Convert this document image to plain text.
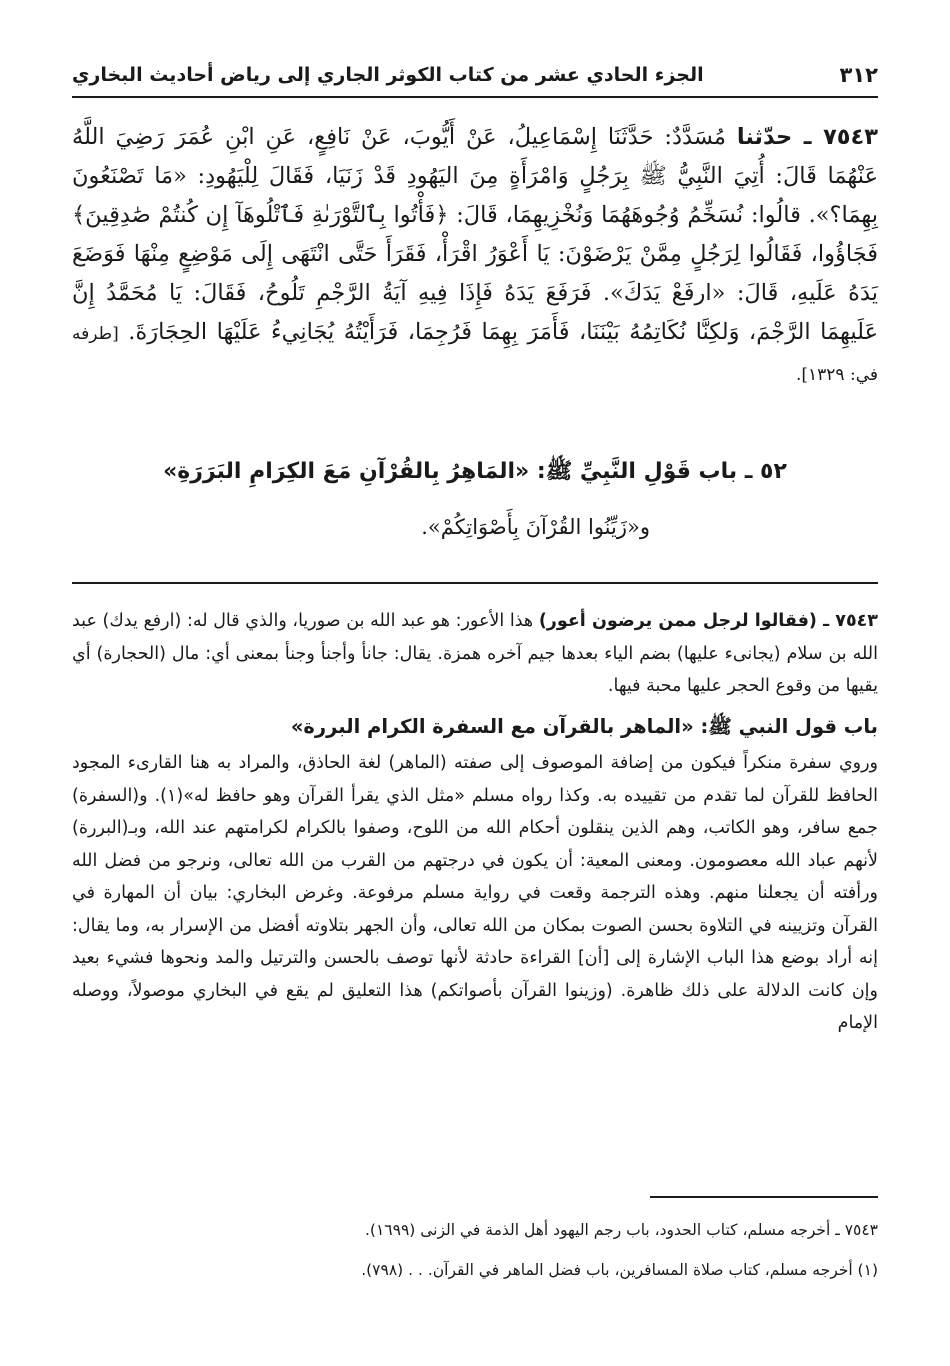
٣١٢
الجزء الحادي عشر من كتاب الكوثر الجاري إلى رياض أحاديث البخاري
٧٥٤٣ ـ حدّثنا مُسَدَّدٌ: حَدَّثَنَا إِسْمَاعِيلُ، عَنْ أَيُّوبَ، عَنْ نَافِعٍ، عَنِ ابْنِ عُمَرَ رَضِيَ اللَّهُ عَنْهُمَا قَالَ: أُتِيَ النَّبِيُّ ﷺ بِرَجُلٍ وَامْرَأَةٍ مِنَ اليَهُودِ قَدْ زَنَيَا، فَقَالَ لِلْيَهُودِ: «مَا تَصْنَعُونَ بِهِمَا؟». قالُوا: نُسَخِّمُ وُجُوهَهُمَا وَنُخْزِيهِمَا، قَالَ: ﴿فَأْتُوا بِٱلتَّوْرَىٰةِ فَٱتْلُوهَآ إِن كُنتُمْ صَٰدِقِينَ﴾ فَجَاؤُوا، فَقَالُوا لِرَجُلٍ مِمَّنْ يَرْضَوْنَ: يَا أَعْوَرُ اقْرَأْ، فَقَرَأَ حَتَّى انْتَهَى إِلَى مَوْضِعٍ مِنْهَا فَوَضَعَ يَدَهُ عَلَيهِ، قَالَ: «ارفَعْ يَدَكَ». فَرَفَعَ يَدَهُ فَإِذَا فِيهِ آيَةُ الرَّجْمِ تَلُوحُ، فَقَالَ: يَا مُحَمَّدُ إِنَّ عَلَيهِمَا الرَّجْمَ، وَلكِنَّا نُكَاتِمُهُ بَيْنَنَا، فَأَمَرَ بِهِمَا فَرُجِمَا، فَرَأَيْتُهُ يُجَانِيءُ عَلَيْهَا الحِجَارَةَ. [طرفه في: ١٣٢٩].
٥٢ ـ باب قَوْلِ النَّبِيِّ ﷺ: «المَاهِرُ بِالقُرْآنِ مَعَ الكِرَامِ البَرَرَةِ»
و«زَيِّنُوا القُرْآنَ بِأَصْوَاتِكُمْ».

٧٥٤٣ ـ (فقالوا لرجل ممن يرضون أعور) هذا الأعور: هو عبد الله بن صوريا، والذي قال له: (ارفع يدك) عبد الله بن سلام (يجانىء عليها) بضم الياء بعدها جيم آخره همزة. يقال: جانأ وأجنأ وجنأ بمعنى أي: مال (الحجارة) أي يقيها من وقوع الحجر عليها محبة فيها.

باب قول النبي ﷺ: «الماهر بالقرآن مع السفرة الكرام البررة»

وروي سفرة منكراً فيكون من إضافة الموصوف إلى صفته (الماهر) لغة الحاذق، والمراد به هنا القارىء المجود الحافظ للقرآن لما تقدم من تقييده به. وكذا رواه مسلم «مثل الذي يقرأ القرآن وهو حافظ له»(١). و(السفرة) جمع سافر، وهو الكاتب، وهم الذين ينقلون أحكام الله من اللوح، وصفوا بالكرام لكرامتهم عند الله، وبـ(البررة) لأنهم عباد الله معصومون. ومعنى المعية: أن يكون في درجتهم من القرب من الله تعالى، ونرجو من فضل الله ورأفته أن يجعلنا منهم. وهذه الترجمة وقعت في رواية مسلم مرفوعة. وغرض البخاري: بيان أن المهارة في القرآن وتزيينه في التلاوة بحسن الصوت بمكان من الله تعالى، وأن الجهر بتلاوته أفضل من الإسرار به، وما يقال: إنه أراد بوضع هذا الباب الإشارة إلى [أن] القراءة حادثة لأنها توصف بالحسن والترتيل والمد ونحوها فشيء بعيد وإن كانت الدلالة على ذلك ظاهرة. (وزينوا القرآن بأصواتكم) هذا التعليق لم يقع في البخاري موصولاً، ووصله الإمام

٧٥٤٣ ـ أخرجه مسلم، كتاب الحدود، باب رجم اليهود أهل الذمة في الزنى (١٦٩٩).
(١) أخرجه مسلم، كتاب صلاة المسافرين، باب فضل الماهر في القرآن. . . (٧٩٨).
